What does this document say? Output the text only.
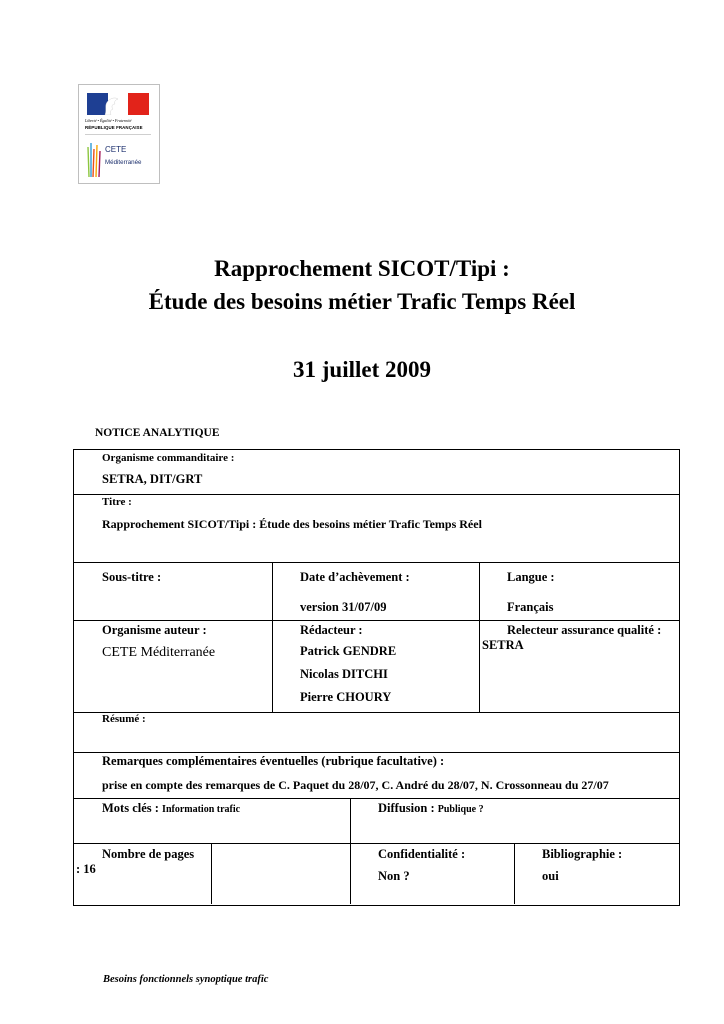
Liberté • Égalité • Fraternité
RÉPUBLIQUE FRANÇAISE
CETE
Méditerranée
Rapprochement SICOT/Tipi :
Étude des besoins métier Trafic Temps Réel
31 juillet 2009
NOTICE ANALYTIQUE
Organisme commanditaire :
SETRA, DIT/GRT
Titre :
Rapprochement SICOT/Tipi : Étude des besoins métier Trafic Temps Réel
Sous-titre :	Date d’achèvement :
version 31/07/09
Langue :
Français
Organisme auteur :
CETE Méditerranée
Rédacteur :
Patrick GENDRE
Nicolas DITCHI
Pierre CHOURY
Relecteur assurance qualité :
SETRA
Résumé :
Remarques complémentaires éventuelles (rubrique facultative) :
prise en compte des remarques de C. Paquet du 28/07, C. André du 28/07, N. Crossonneau du 27/07
Mots clés : Information trafic	Diffusion : Publique ?
Nombre de pages
: 16
Confidentialité :
Non ?
Bibliographie :
oui
Besoins fonctionnels synoptique trafic
